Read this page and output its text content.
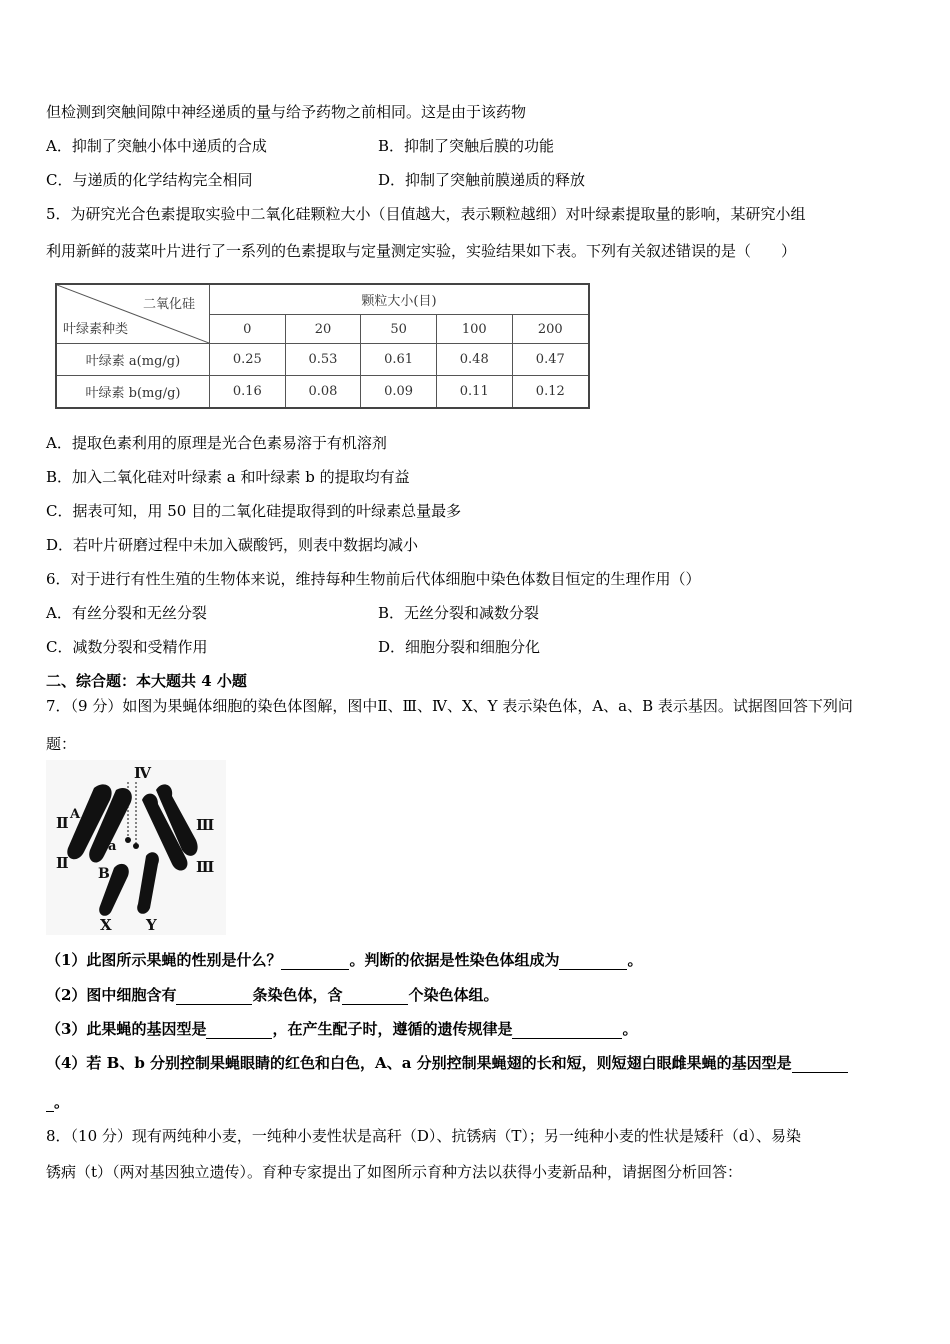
但检测到突触间隙中神经递质的量与给予药物之前相同。这是由于该药物
A．抑制了突触小体中递质的合成	B．抑制了突触后膜的功能
C．与递质的化学结构完全相同	D．抑制了突触前膜递质的释放
5．为研究光合色素提取实验中二氧化硅颗粒大小（目值越大，表示颗粒越细）对叶绿素提取量的影响，某研究小组
利用新鲜的菠菜叶片进行了一系列的色素提取与定量测定实验，实验结果如下表。下列有关叙述错误的是（　　）
二氧化硅
叶绿素种类	颗粒大小(目)				
	0	20	50	100	200
叶绿素 a(mg/g)	0.25	0.53	0.61	0.48	0.47
叶绿素 b(mg/g)	0.16	0.08	0.09	0.11	0.12
A．提取色素利用的原理是光合色素易溶于有机溶剂
B．加入二氧化硅对叶绿素 a 和叶绿素 b 的提取均有益
C．据表可知，用 50 目的二氧化硅提取得到的叶绿素总量最多
D．若叶片研磨过程中未加入碳酸钙，则表中数据均减小
6．对于进行有性生殖的生物体来说，维持每种生物前后代体细胞中染色体数目恒定的生理作用（）
A．有丝分裂和无丝分裂	B．无丝分裂和减数分裂
C．减数分裂和受精作用	D．细胞分裂和细胞分化
二、综合题：本大题共 4 小题
7．（9 分）如图为果蝇体细胞的染色体图解，图中Ⅱ、Ⅲ、Ⅳ、X、Y 表示染色体，A、a、B 表示基因。试据图回答下列问
题：
Ⅳ
Ⅱ
Ⅱ
Ⅲ
Ⅲ
A
a
B
X Y
（1）此图所示果蝇的性别是什么？	。判断的依据是性染色体组成为	。
（2）图中细胞含有	条染色体，含	个染色体组。
（3）此果蝇的基因型是	，在产生配子时，遵循的遗传规律是	。
（4）若 B、b 分别控制果蝇眼睛的红色和白色，A、a 分别控制果蝇翅的长和短，则短翅白眼雌果蝇的基因型是
。
8．（10 分）现有两纯种小麦，一纯种小麦性状是高秆（D）、抗锈病（T）；另一纯种小麦的性状是矮秆（d）、易染
锈病（t）（两对基因独立遗传）。育种专家提出了如图所示育种方法以获得小麦新品种，请据图分析回答：
